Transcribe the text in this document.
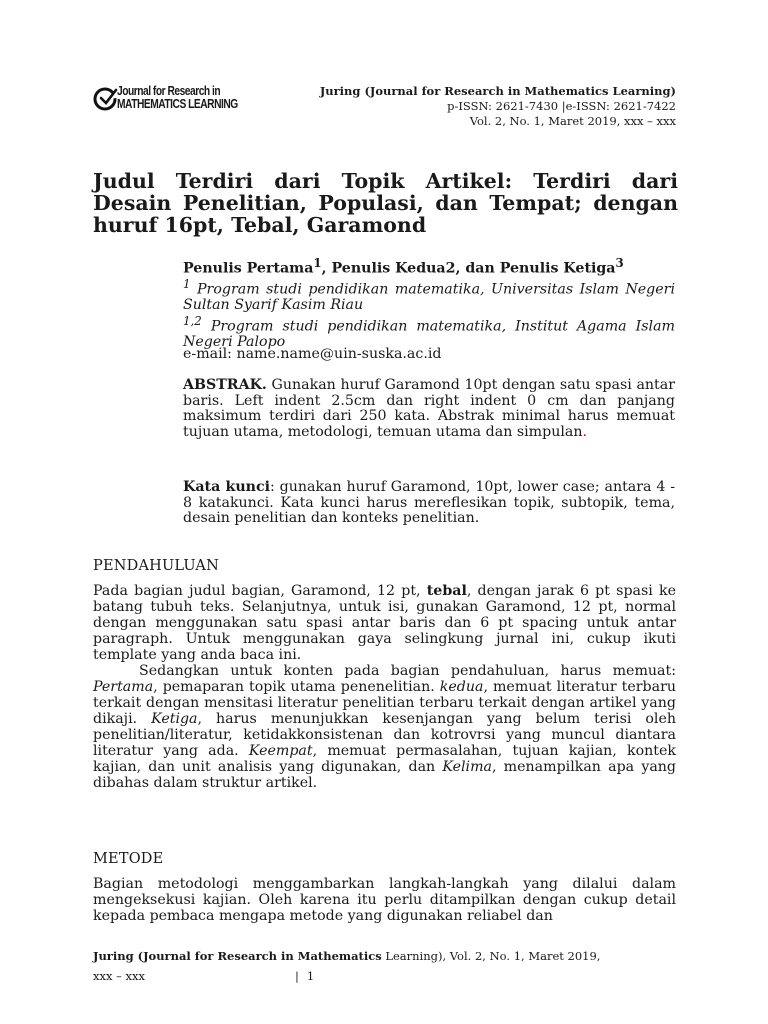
Journal for Research in
MATHEMATICS LEARNING
Juring (Journal for Research in Mathematics Learning)
p-ISSN: 2621-7430 |e-ISSN: 2621-7422
Vol. 2, No. 1, Maret 2019, xxx – xxx
Judul Terdiri dari Topik Artikel: Terdiri dari Desain Penelitian, Populasi, dan Tempat; dengan huruf 16pt, Tebal, Garamond
Penulis Pertama$^1$, Penulis Kedua2, dan Penulis Ketiga$^3$
$^1$ Program studi pendidikan matematika, Universitas Islam Negeri Sultan Syarif Kasim Riau
$^{1,2}$ Program studi pendidikan matematika, Institut Agama Islam Negeri Palopo
e-mail: name.name@uin-suska.ac.id
ABSTRAK. Gunakan huruf Garamond 10pt dengan satu spasi antar baris. Left indent 2.5cm dan right indent 0 cm dan panjang maksimum terdiri dari 250 kata. Abstrak minimal harus memuat tujuan utama, metodologi, temuan utama dan simpulan.
Kata kunci: gunakan huruf Garamond, 10pt, lower case; antara 4 - 8 katakunci. Kata kunci harus mereflesikan topik, subtopik, tema, desain penelitian dan konteks penelitian.
PENDAHULUAN

Pada bagian judul bagian, Garamond, 12 pt, tebal, dengan jarak 6 pt spasi ke batang tubuh teks. Selanjutnya, untuk isi, gunakan Garamond, 12 pt, normal dengan menggunakan satu spasi antar baris dan 6 pt spacing untuk antar paragraph. Untuk menggunakan gaya selingkung jurnal ini, cukup ikuti template yang anda baca ini.

Sedangkan untuk konten pada bagian pendahuluan, harus memuat: Pertama, pemaparan topik utama penenelitian. kedua, memuat literatur terbaru terkait dengan mensitasi literatur penelitian terbaru terkait dengan artikel yang dikaji. Ketiga, harus menunjukkan kesenjangan yang belum terisi oleh penelitian/literatur, ketidakkonsistenan dan kotrovrsi yang muncul diantara literatur yang ada. Keempat, memuat permasalahan, tujuan kajian, kontek kajian, dan unit analisis yang digunakan, dan Kelima, menampilkan apa yang dibahas dalam struktur artikel.

METODE

Bagian metodologi menggambarkan langkah-langkah yang dilalui dalam mengeksekusi kajian. Oleh karena itu perlu ditampilkan dengan cukup detail kepada pembaca mengapa metode yang digunakan reliabel dan

Juring (Journal for Research in Mathematics Learning), Vol. 2, No. 1, Maret 2019,
xxx – xxx	| 1
